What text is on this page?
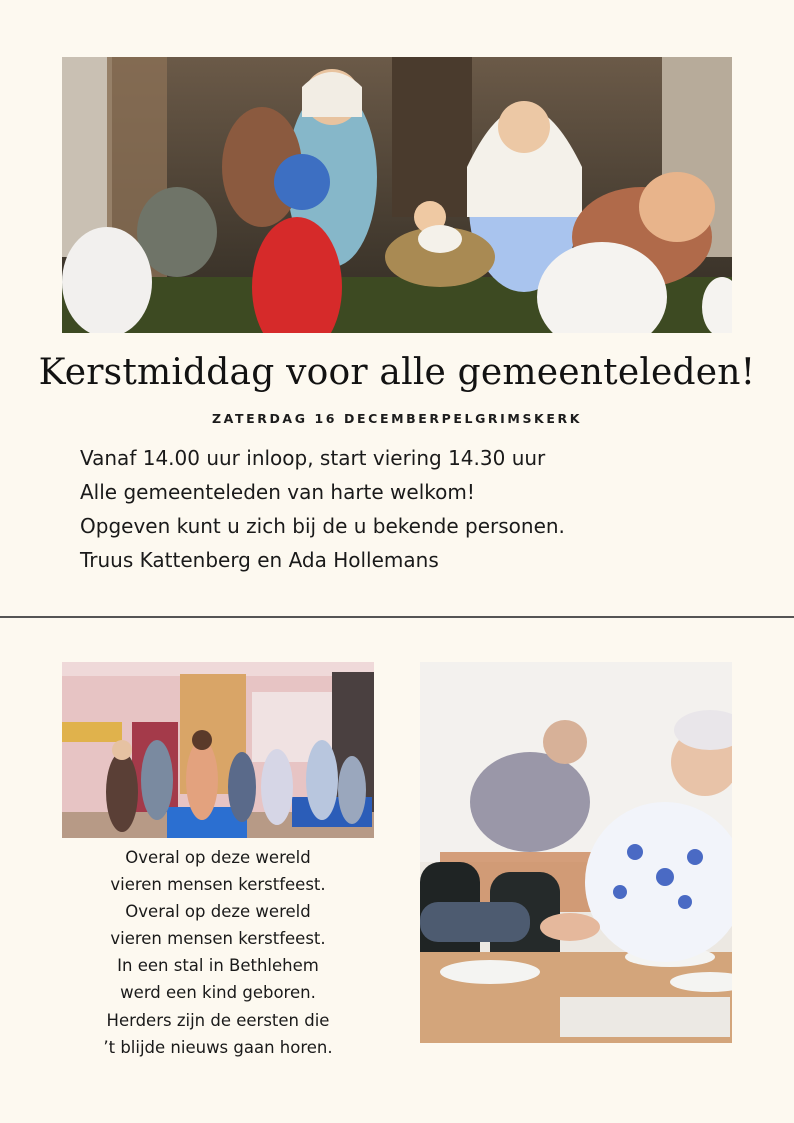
Kerstmiddag voor alle gemeenteleden!
ZATERDAG 16 DECEMBERPELGRIMSKERK
Vanaf 14.00 uur inloop, start viering 14.30 uur
Alle gemeenteleden van harte welkom!
Opgeven kunt u zich bij de u bekende personen.
Truus Kattenberg en Ada Hollemans
Overal op deze wereld
vieren mensen kerstfeest.
Overal op deze wereld
vieren mensen kerstfeest.
In een stal in Bethlehem
werd een kind geboren.
Herders zijn de eersten die
’t blijde nieuws gaan horen.
